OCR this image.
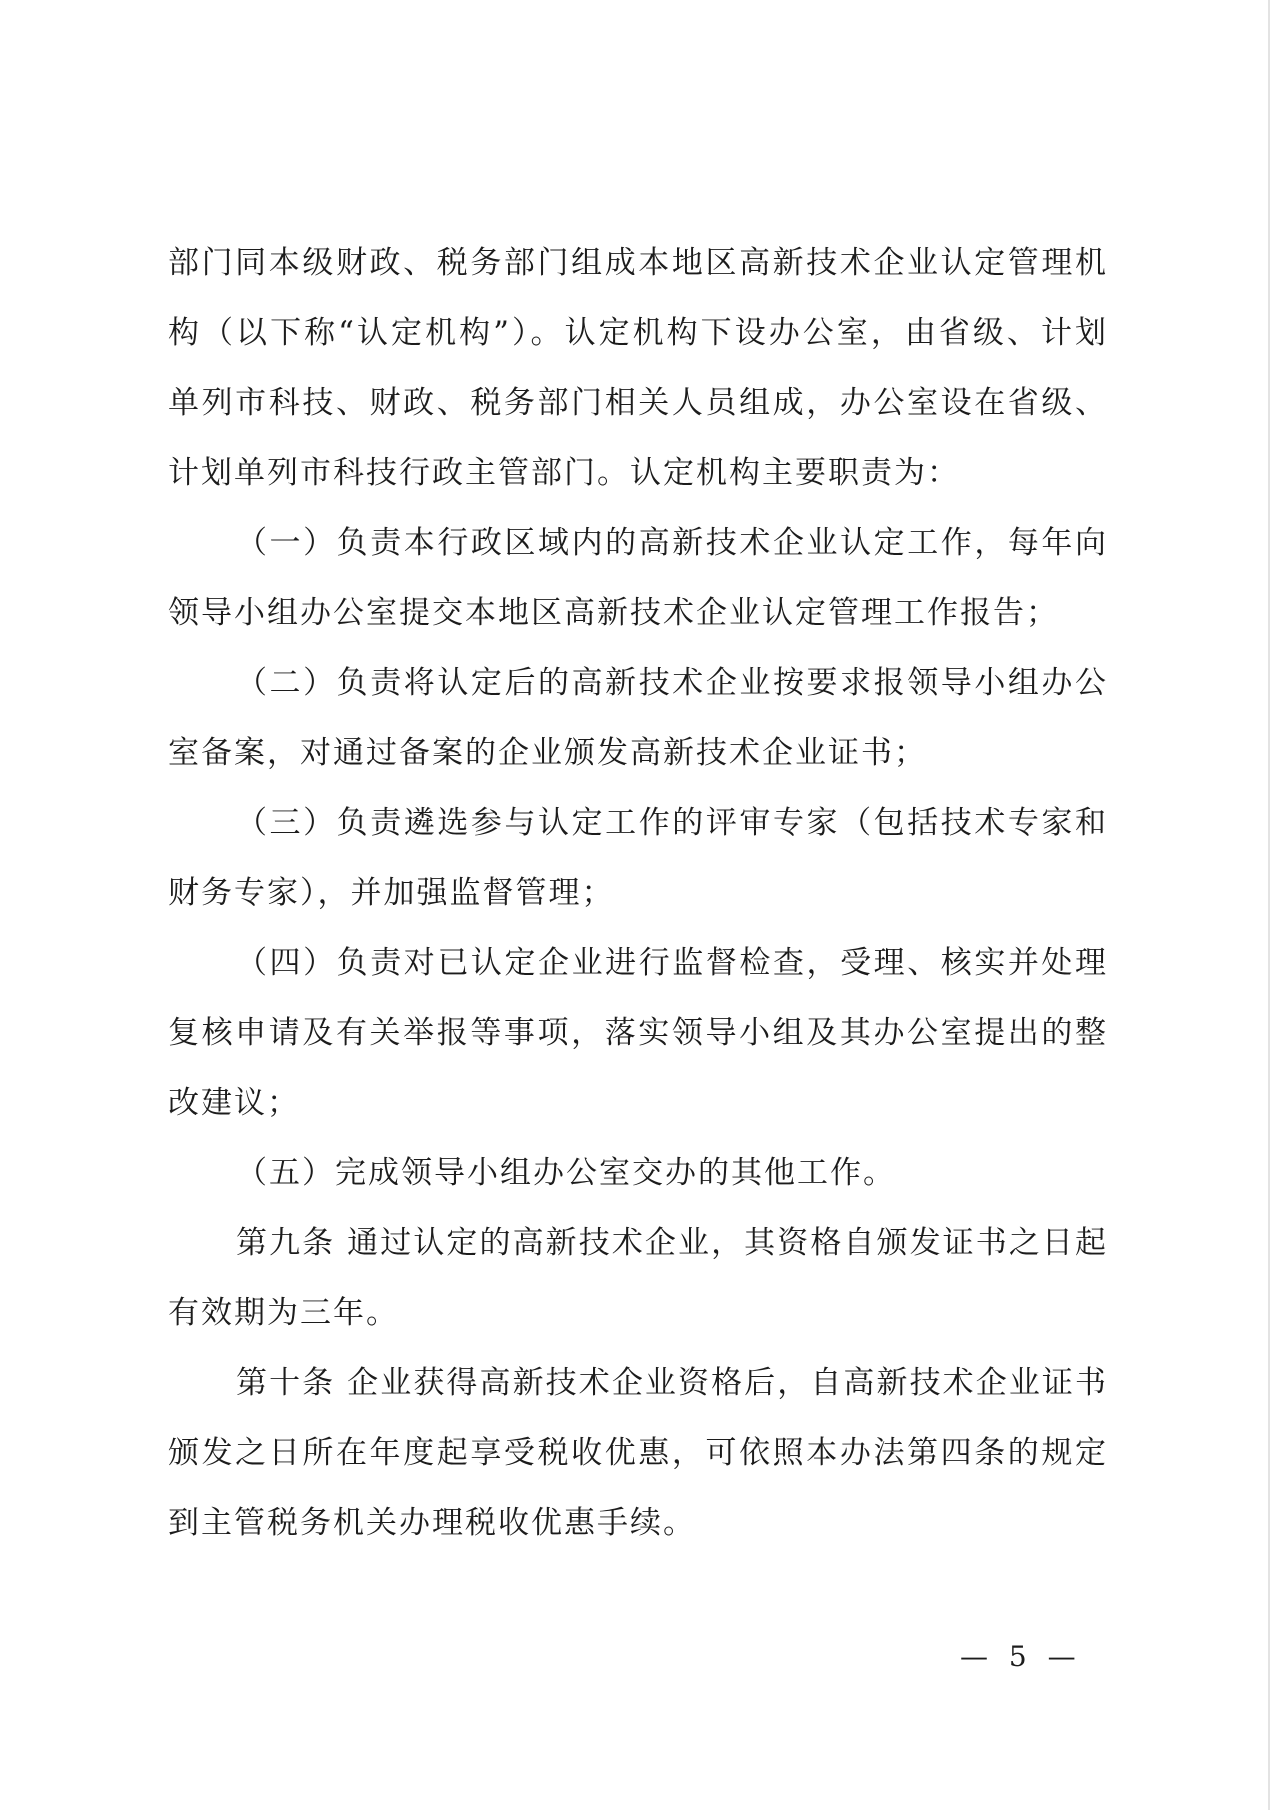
部门同本级财政、税务部门组成本地区高新技术企业认定管理机构（以下称“认定机构”）。认定机构下设办公室，由省级、计划单列市科技、财政、税务部门相关人员组成，办公室设在省级、计划单列市科技行政主管部门。认定机构主要职责为：

（一）负责本行政区域内的高新技术企业认定工作，每年向领导小组办公室提交本地区高新技术企业认定管理工作报告；

（二）负责将认定后的高新技术企业按要求报领导小组办公室备案，对通过备案的企业颁发高新技术企业证书；

（三）负责遴选参与认定工作的评审专家（包括技术专家和财务专家），并加强监督管理；

（四）负责对已认定企业进行监督检查，受理、核实并处理复核申请及有关举报等事项，落实领导小组及其办公室提出的整改建议；

（五）完成领导小组办公室交办的其他工作。

第九条 通过认定的高新技术企业，其资格自颁发证书之日起有效期为三年。

第十条 企业获得高新技术企业资格后，自高新技术企业证书颁发之日所在年度起享受税收优惠，可依照本办法第四条的规定到主管税务机关办理税收优惠手续。

— 5 —
